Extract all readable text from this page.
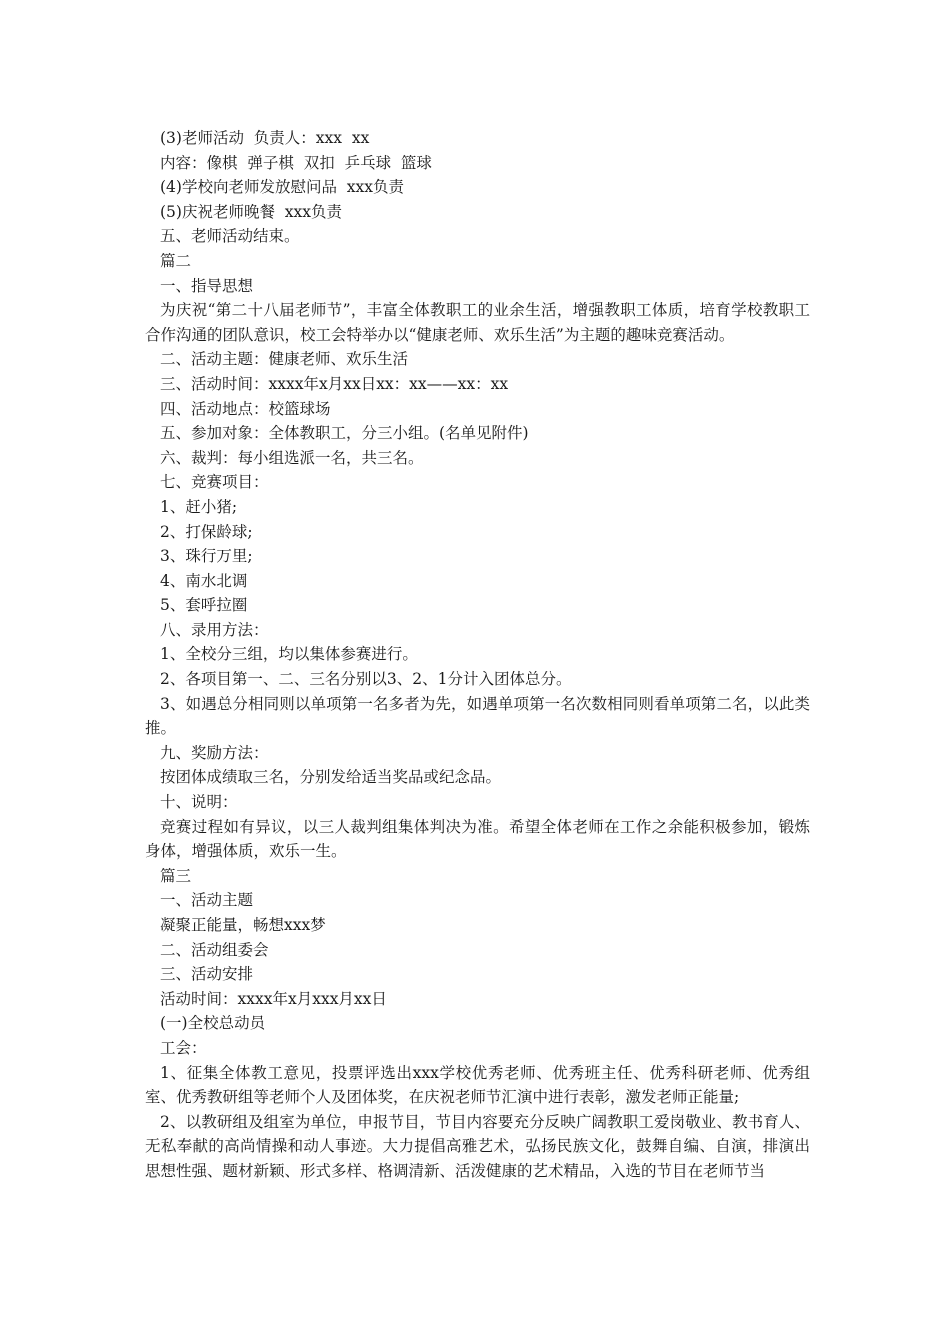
(3)老师活动  负责人：xxx  xx
内容：像棋  弹子棋  双扣  乒乓球  篮球
(4)学校向老师发放慰问品  xxx负责
(5)庆祝老师晚餐  xxx负责
五、老师活动结束。
篇二
一、指导思想
为庆祝“第二十八届老师节”，丰富全体教职工的业余生活，增强教职工体质，培育学校教职工合作沟通的团队意识，校工会特举办以“健康老师、欢乐生活”为主题的趣味竞赛活动。
二、活动主题：健康老师、欢乐生活
三、活动时间：xxxx年x月xx日xx：xx——xx：xx
四、活动地点：校篮球场
五、参加对象：全体教职工，分三小组。(名单见附件)
六、裁判：每小组选派一名，共三名。
七、竞赛项目：
1、赶小猪;
2、打保龄球;
3、珠行万里;
4、南水北调
5、套呼拉圈
八、录用方法：
1、全校分三组，均以集体参赛进行。
2、各项目第一、二、三名分别以3、2、1分计入团体总分。
3、如遇总分相同则以单项第一名多者为先，如遇单项第一名次数相同则看单项第二名，以此类推。
九、奖励方法：
按团体成绩取三名，分别发给适当奖品或纪念品。
十、说明：
竞赛过程如有异议，以三人裁判组集体判决为准。希望全体老师在工作之余能积极参加，锻炼身体，增强体质，欢乐一生。
篇三
一、活动主题
凝聚正能量，畅想xxx梦
二、活动组委会
三、活动安排
活动时间：xxxx年x月xxx月xx日
(一)全校总动员
工会：
1、征集全体教工意见，投票评选出xxx学校优秀老师、优秀班主任、优秀科研老师、优秀组室、优秀教研组等老师个人及团体奖，在庆祝老师节汇演中进行表彰，激发老师正能量;
2、以教研组及组室为单位，申报节目，节目内容要充分反映广阔教职工爱岗敬业、教书育人、无私奉献的高尚情操和动人事迹。大力提倡高雅艺术，弘扬民族文化，鼓舞自编、自演，排演出思想性强、题材新颖、形式多样、格调清新、活泼健康的艺术精品，入选的节目在老师节当
